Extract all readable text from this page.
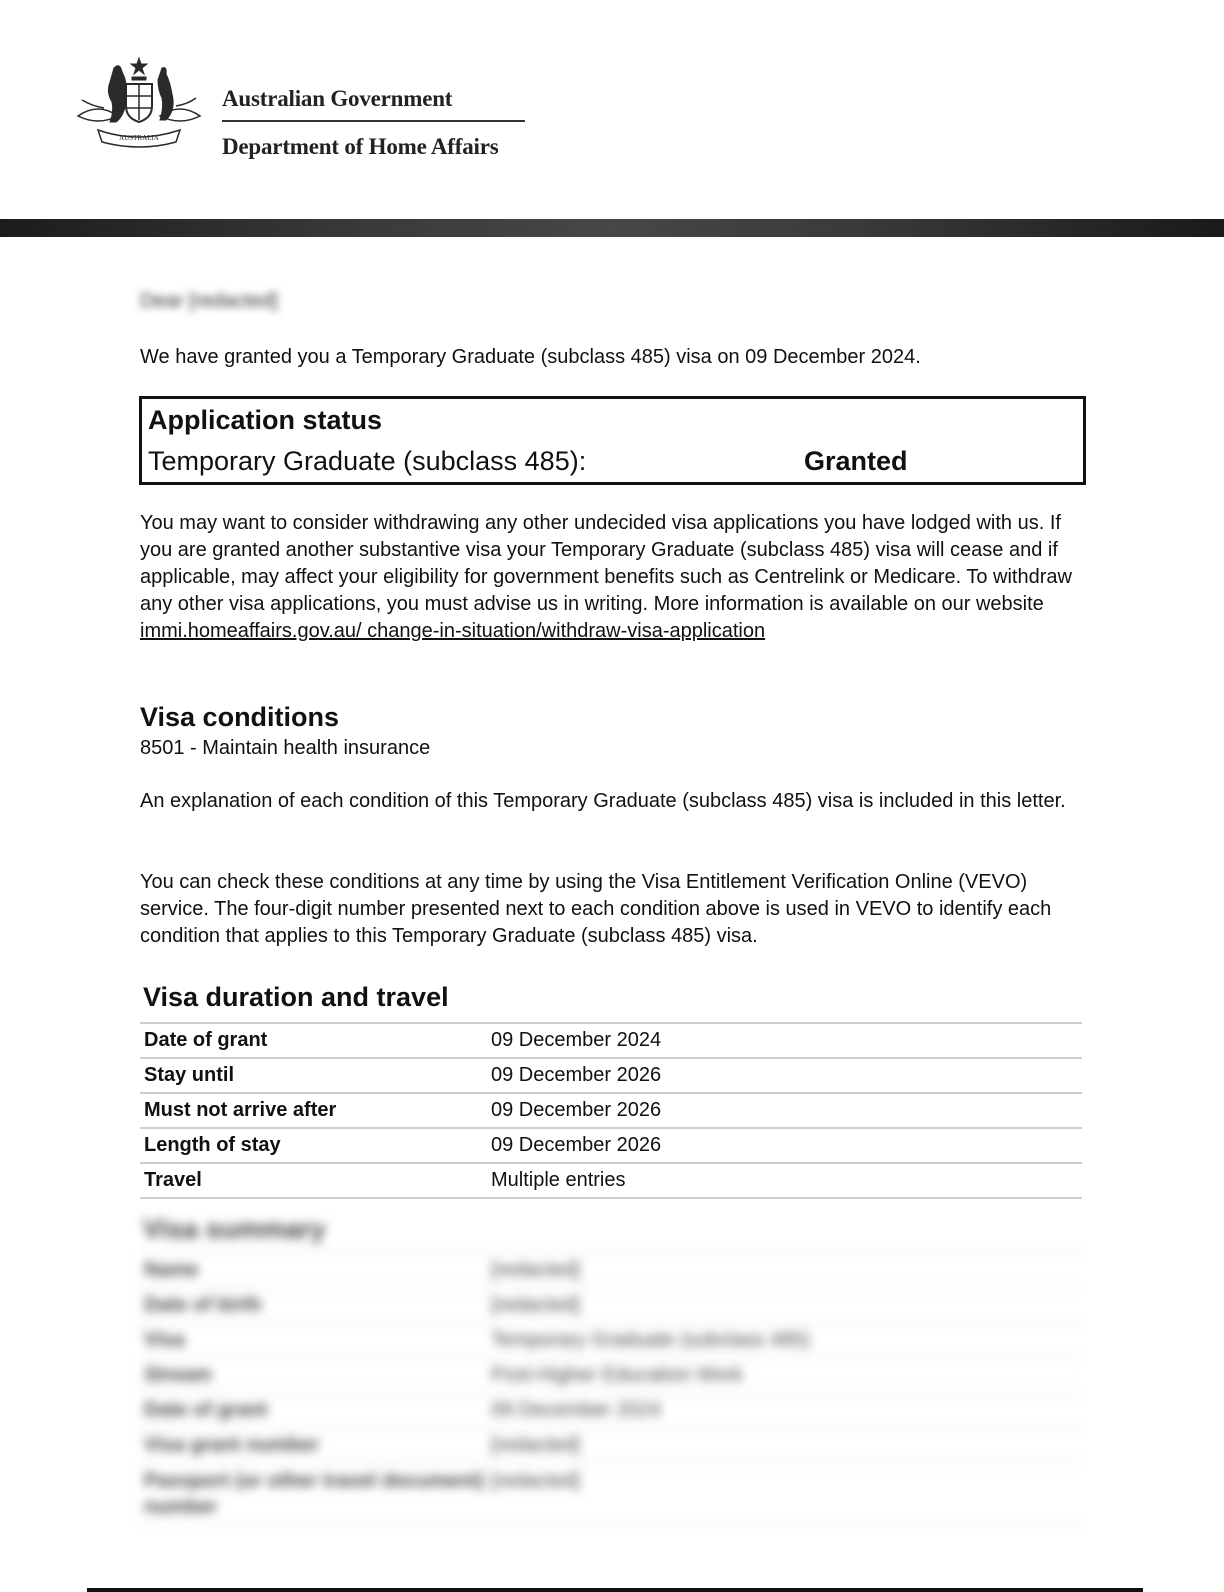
AUSTRALIA
Australian Government
Department of Home Affairs
Dear [redacted]
We have granted you a Temporary Graduate (subclass 485) visa on 09 December 2024.
Application status
Temporary Graduate (subclass 485):	Granted
You may want to consider withdrawing any other undecided visa applications you have lodged with us. If you are granted another substantive visa your Temporary Graduate (subclass 485) visa will cease and if applicable, may affect your eligibility for government benefits such as Centrelink or Medicare. To withdraw any other visa applications, you must advise us in writing. More information is available on our website immi.homeaffairs.gov.au/ change-in-situation/withdraw-visa-application
Visa conditions
8501 - Maintain health insurance
An explanation of each condition of this Temporary Graduate (subclass 485) visa is included in this letter.
You can check these conditions at any time by using the Visa Entitlement Verification Online (VEVO) service. The four-digit number presented next to each condition above is used in VEVO to identify each condition that applies to this Temporary Graduate (subclass 485) visa.
Visa duration and travel
Date of grant	09 December 2024
Stay until	09 December 2026
Must not arrive after	09 December 2026
Length of stay	09 December 2026
Travel	Multiple entries
Visa summary
Name	[redacted]
Date of birth	[redacted]
Visa	Temporary Graduate (subclass 485)
Stream	Post-Higher Education Work
Date of grant	09 December 2024
Visa grant number	[redacted]
Passport (or other travel document) number	[redacted]
